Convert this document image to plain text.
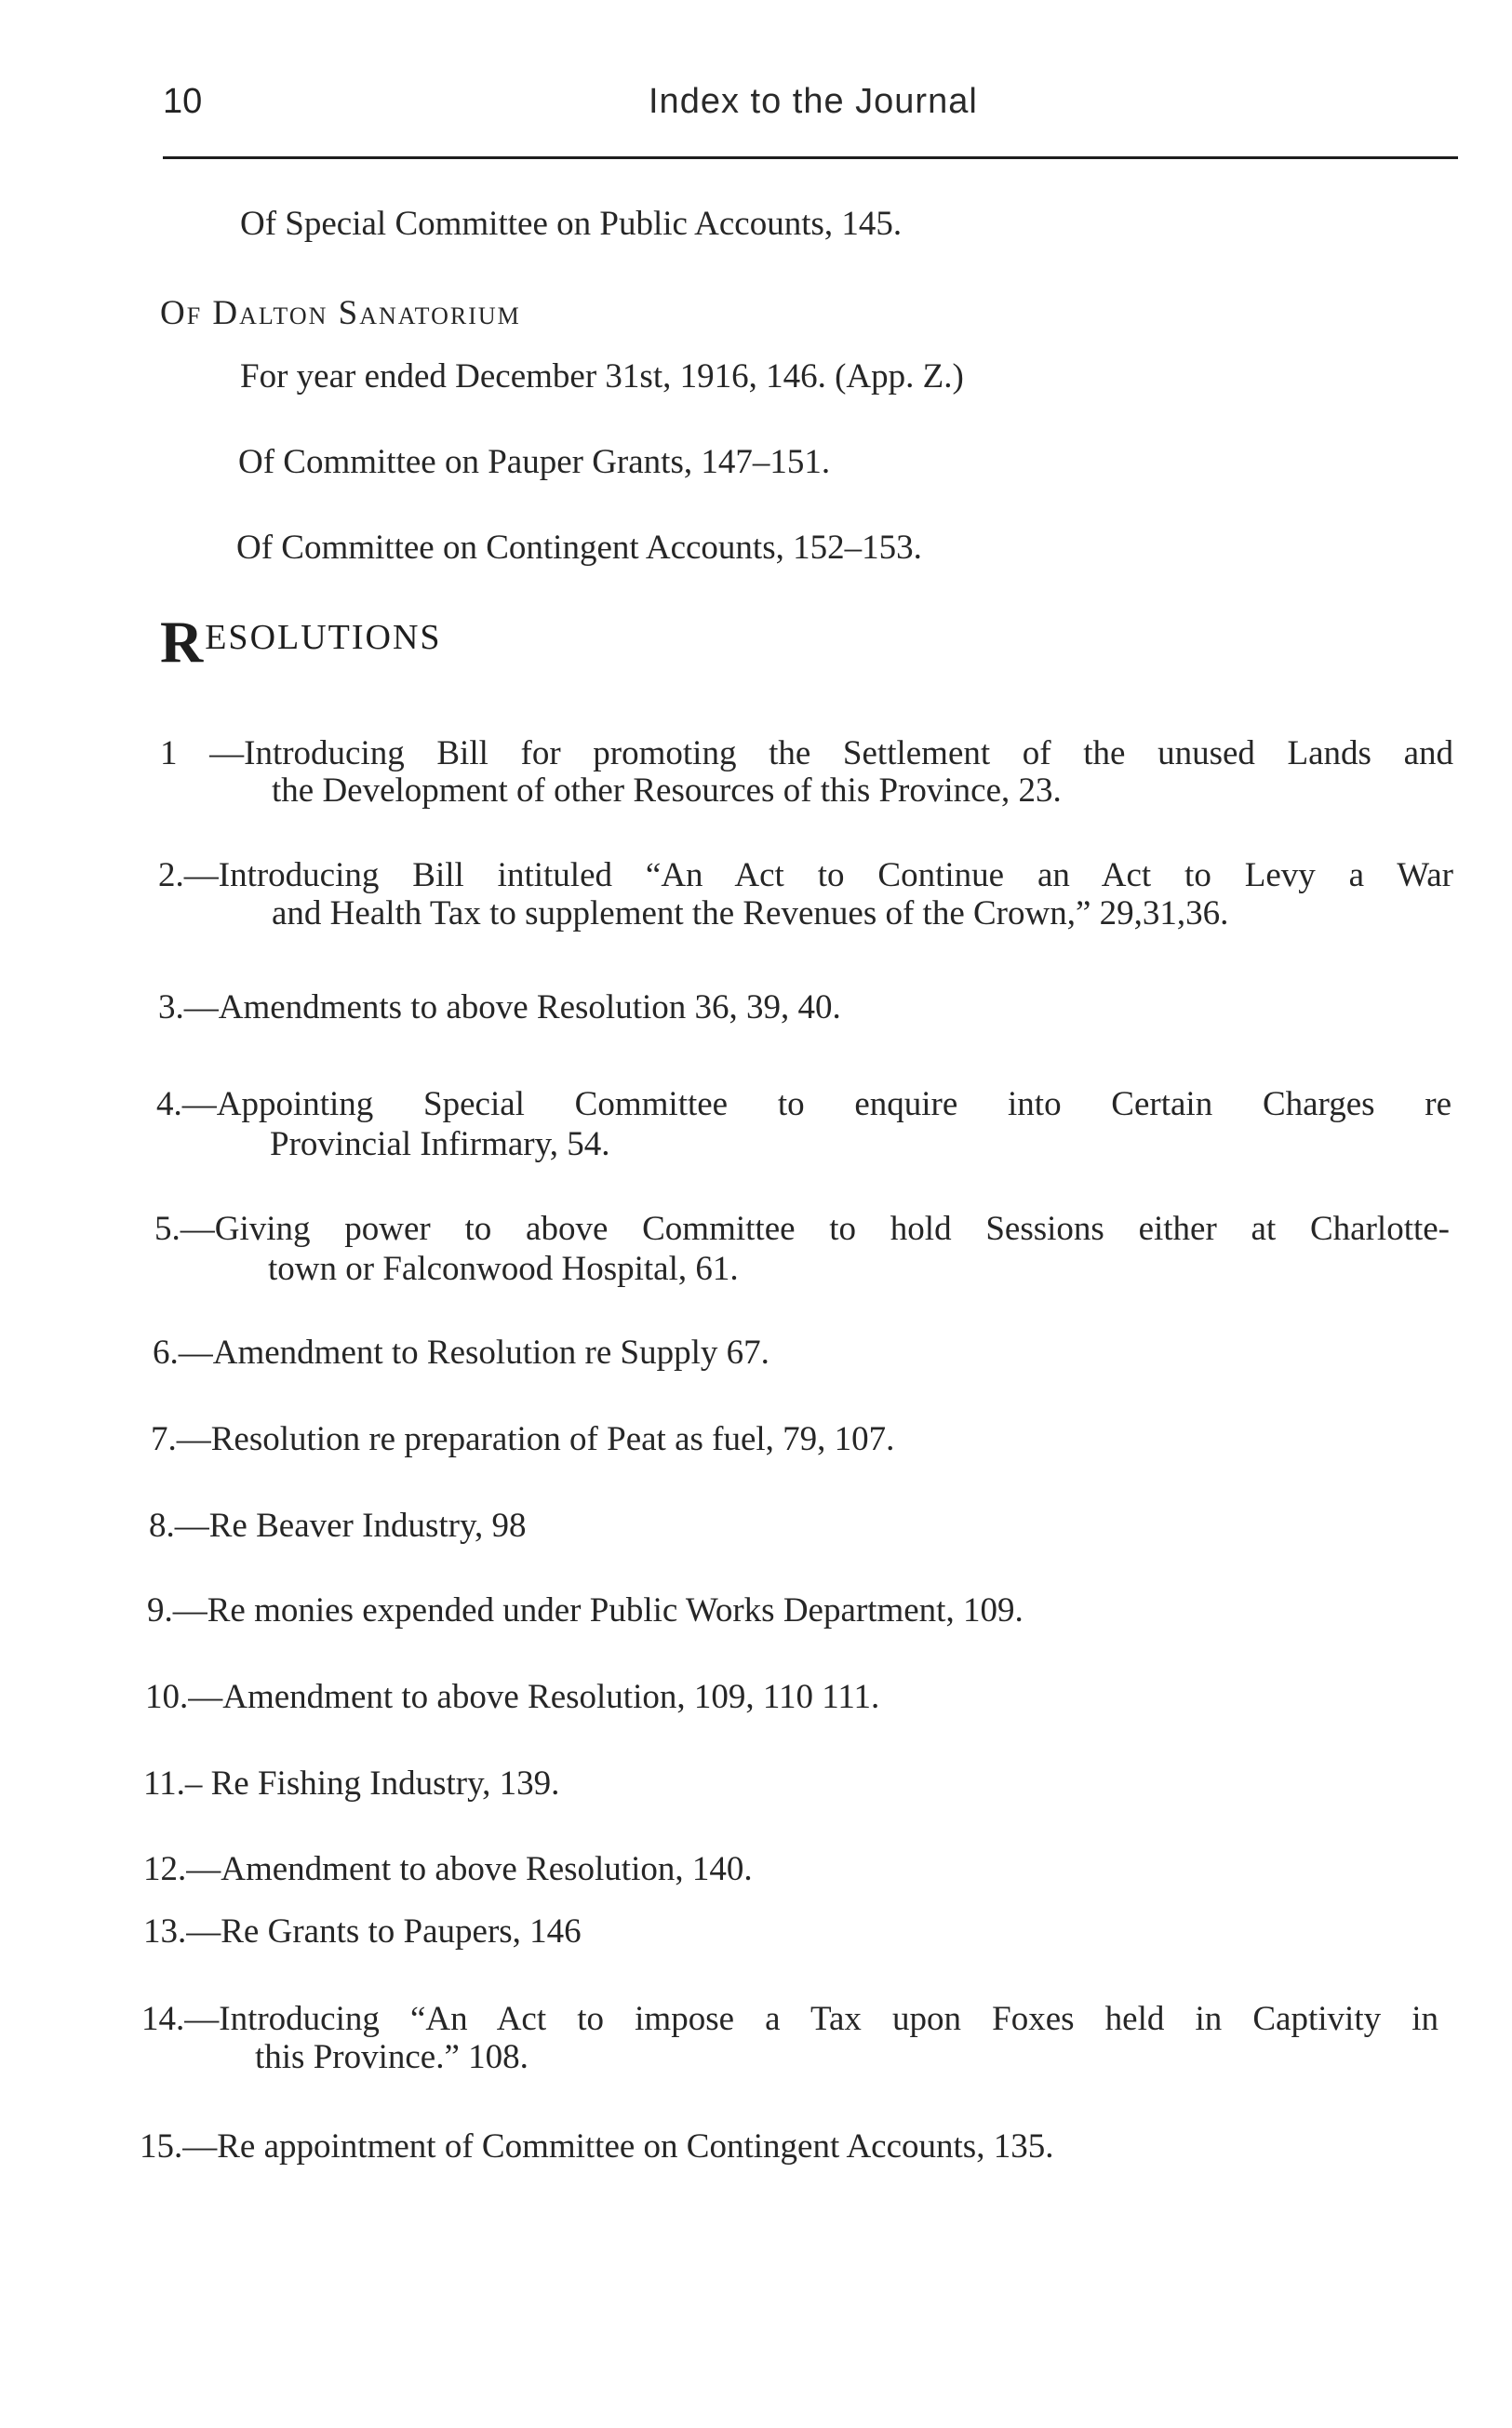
10	Index to the Journal
Of Special Committee on Public Accounts, 145.
Of Dalton Sanatorium
For year ended December 31st, 1916, 146. (App. Z.)
Of Committee on Pauper Grants, 147–151.
Of Committee on Contingent Accounts, 152–153.
RESOLUTIONS
1 —Introducing Bill for promoting the Settlement of the unused Lands and
the Development of other Resources of this Province, 23.
2.—Introducing Bill intituled “An Act to Continue an Act to Levy a War
and Health Tax to supplement the Revenues of the Crown,” 29,31,36.
3.—Amendments to above Resolution 36, 39, 40.
4.—Appointing Special Committee to enquire into Certain Charges re
Provincial Infirmary, 54.
5.—Giving power to above Committee to hold Sessions either at Charlotte-
town or Falconwood Hospital, 61.
6.—Amendment to Resolution re Supply 67.
7.—Resolution re preparation of Peat as fuel, 79, 107.
8.—Re Beaver Industry, 98
9.—Re monies expended under Public Works Department, 109.
10.—Amendment to above Resolution, 109, 110 111.
11.– Re Fishing Industry, 139.
12.—Amendment to above Resolution, 140.
13.—Re Grants to Paupers, 146
14.—Introducing “An Act to impose a Tax upon Foxes held in Captivity in
this Province.” 108.
15.—Re appointment of Committee on Contingent Accounts, 135.
